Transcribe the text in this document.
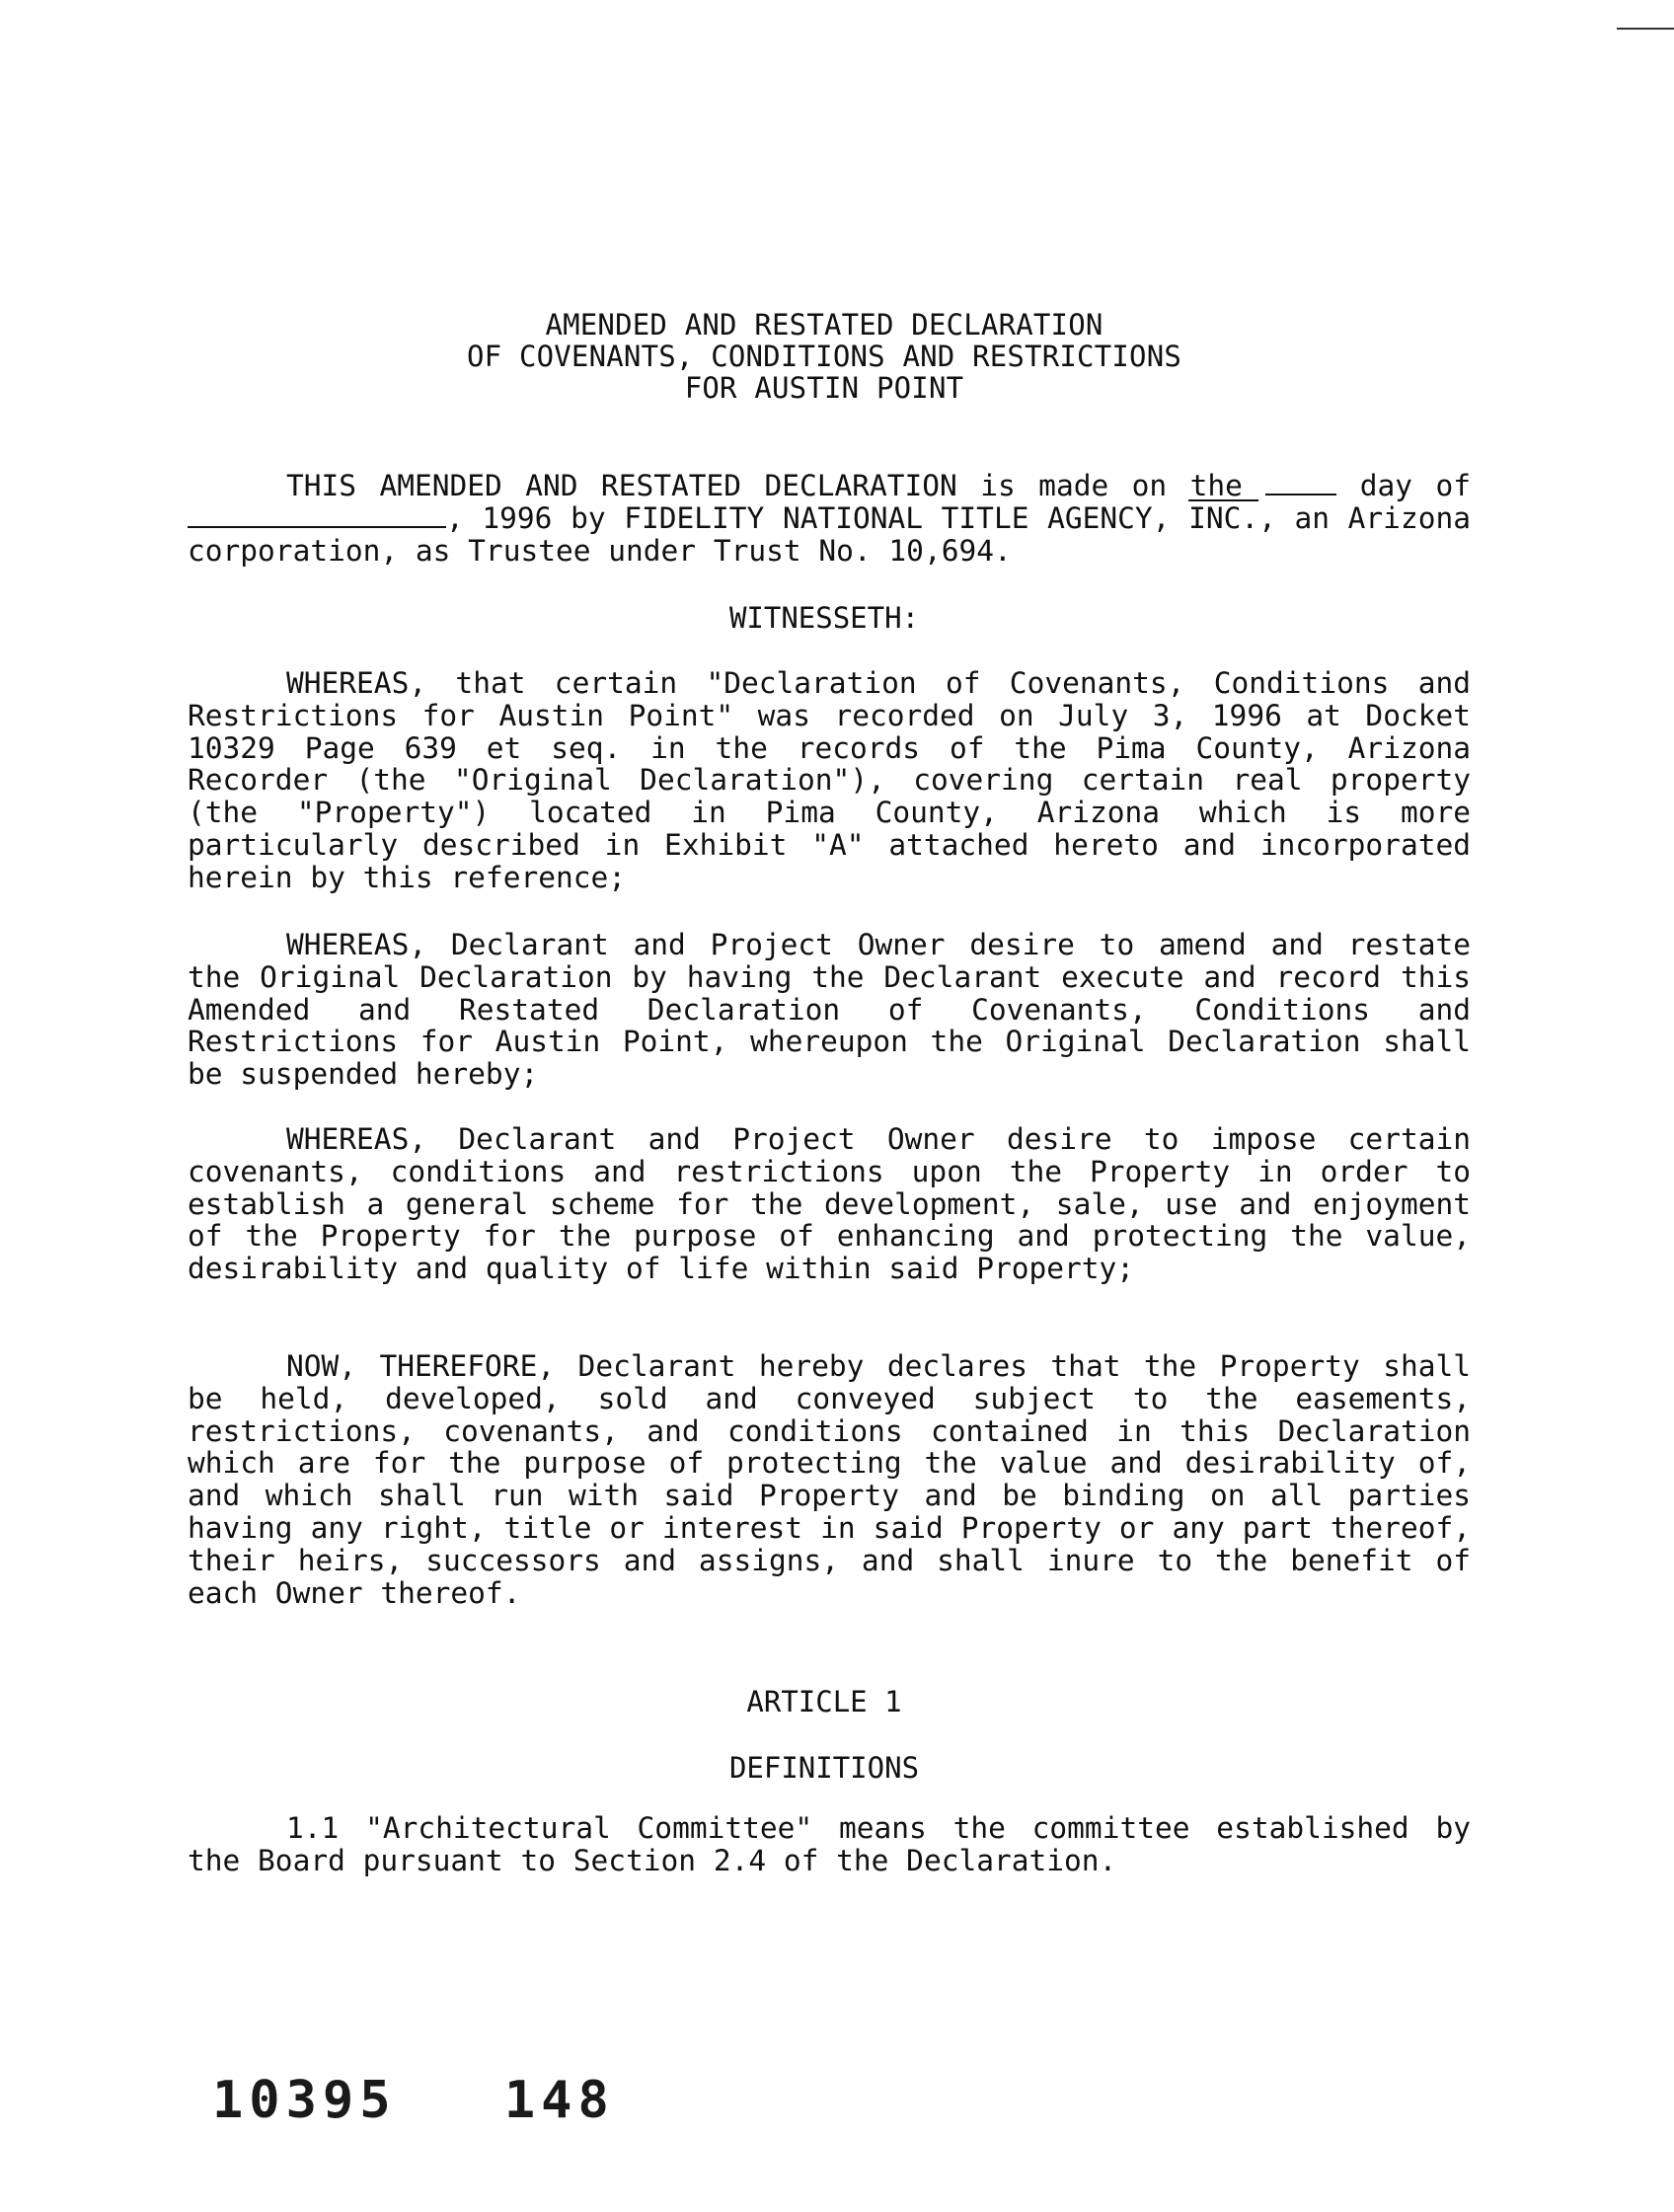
AMENDED AND RESTATED DECLARATION
OF COVENANTS, CONDITIONS AND RESTRICTIONS
FOR AUSTIN POINT
THIS AMENDED AND RESTATED DECLARATION is made on the	day of , 1996 by FIDELITY NATIONAL TITLE AGENCY, INC., an Arizona corporation, as Trustee under Trust No. 10,694.
WITNESSETH:
WHEREAS, that certain "Declaration of Covenants, Conditions and Restrictions for Austin Point" was recorded on July 3, 1996 at Docket 10329 Page 639 et seq. in the records of the Pima County, Arizona Recorder (the "Original Declaration"), covering certain real property (the "Property") located in Pima County, Arizona which is more particularly described in Exhibit "A" attached hereto and incorporated herein by this reference;
WHEREAS, Declarant and Project Owner desire to amend and restate the Original Declaration by having the Declarant execute and record this Amended and Restated Declaration of Covenants, Conditions and Restrictions for Austin Point, whereupon the Original Declaration shall be suspended hereby;
WHEREAS, Declarant and Project Owner desire to impose certain covenants, conditions and restrictions upon the Property in order to establish a general scheme for the development, sale, use and enjoyment of the Property for the purpose of enhancing and protecting the value, desirability and quality of life within said Property;
NOW, THEREFORE, Declarant hereby declares that the Property shall be held, developed, sold and conveyed subject to the easements, restrictions, covenants, and conditions contained in this Declaration which are for the purpose of protecting the value and desirability of, and which shall run with said Property and be binding on all parties having any right, title or interest in said Property or any part thereof, their heirs, successors and assigns, and shall inure to the benefit of each Owner thereof.
ARTICLE 1
DEFINITIONS
1.1 "Architectural Committee" means the committee established by the Board pursuant to Section 2.4 of the Declaration.
10395 148
